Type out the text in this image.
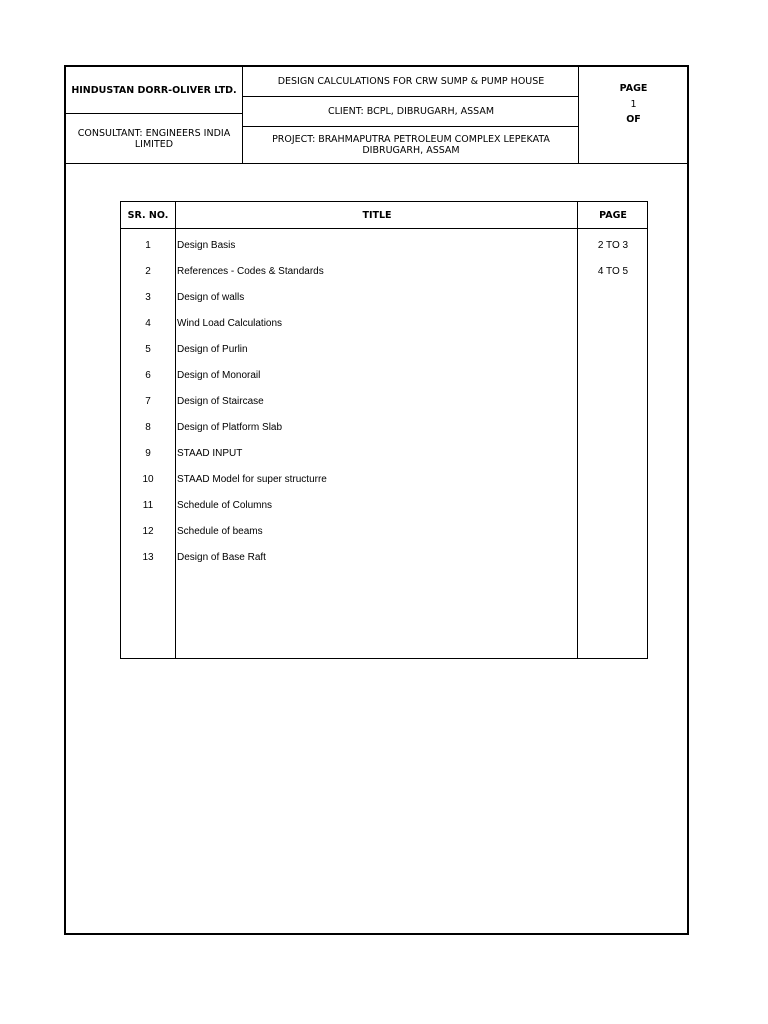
HINDUSTAN DORR-OLIVER LTD.
CONSULTANT: ENGINEERS INDIA LIMITED
DESIGN CALCULATIONS FOR CRW SUMP & PUMP HOUSE
CLIENT: BCPL, DIBRUGARH, ASSAM
PROJECT: BRAHMAPUTRA PETROLEUM COMPLEX LEPEKATA DIBRUGARH, ASSAM
PAGE
1
OF
SR. NO.	TITLE	PAGE
1	Design Basis	2 TO 3
2	References - Codes & Standards	4 TO 5
3	Design of walls
4	Wind Load Calculations
5	Design of Purlin
6	Design of Monorail
7	Design of Staircase
8	Design of Platform Slab
9	STAAD INPUT
10	STAAD Model for super structurre
11	Schedule of Columns
12	Schedule of beams
13	Design of Base Raft
